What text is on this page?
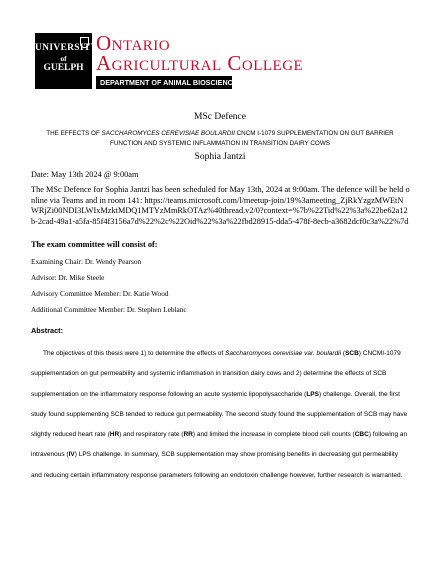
UNIVERSITY
of
GUELPH
Ontario
Agricultural College
DEPARTMENT OF ANIMAL BIOSCIENCES
MSc Defence
THE EFFECTS OF SACCHAROMYCES CEREVISIAE BOULARDII CNCM I-1079 SUPPLEMENTATION ON GUT BARRIER FUNCTION AND SYSTEMIC INFLAMMATION IN TRANSITION DAIRY COWS
Sophia Jantzi
Date: May 13th 2024 @ 9:00am
The MSc Defence for Sophia Jantzi has been scheduled for May 13th, 2024 at 9:00am. The defence will be held online via Teams and in room 141: https://teams.microsoft.com/l/meetup-join/19%3ameeting_ZjRkYzgzMWEtNWRjZi00NDI3LWIxMzktMDQ1MTYzMmRkOTAz%40thread.v2/0?context=%7b%22Tid%22%3a%22be62a12b-2cad-49a1-a5fa-85f4f3156a7d%22%2c%22Oid%22%3a%22fbd28915-dda5-478f-8ecb-a3682dcf0c3a%22%7d
The exam committee will consist of:
Examining Chair: Dr. Wendy Pearson
Advisor: Dr. Mike Steele
Advisory Committee Member: Dr. Katie Wood
Additional Committee Member: Dr. Stephen Leblanc
Abstract:

The objectives of this thesis were 1) to determine the effects of Saccharomyces cerevisiae var. boulardii (SCB) CNCMI-1079 supplementation on gut permeability and systemic inflammation in transition dairy cows and 2) determine the effects of SCB supplementation on the inflammatory response following an acute systemic lipopolysaccharide (LPS) challenge. Overall, the first study found supplementing SCB tended to reduce gut permeability. The second study found the supplementation of SCB may have slightly reduced heart rate (HR) and respiratory rate (RR) and limited the increase in complete blood cell counts (CBC) following an intravenous (IV) LPS challenge. In summary, SCB supplementation may show promising benefits in decreasing gut permeability and reducing certain inflammatory response parameters following an endotoxin challenge however, further research is warranted.
